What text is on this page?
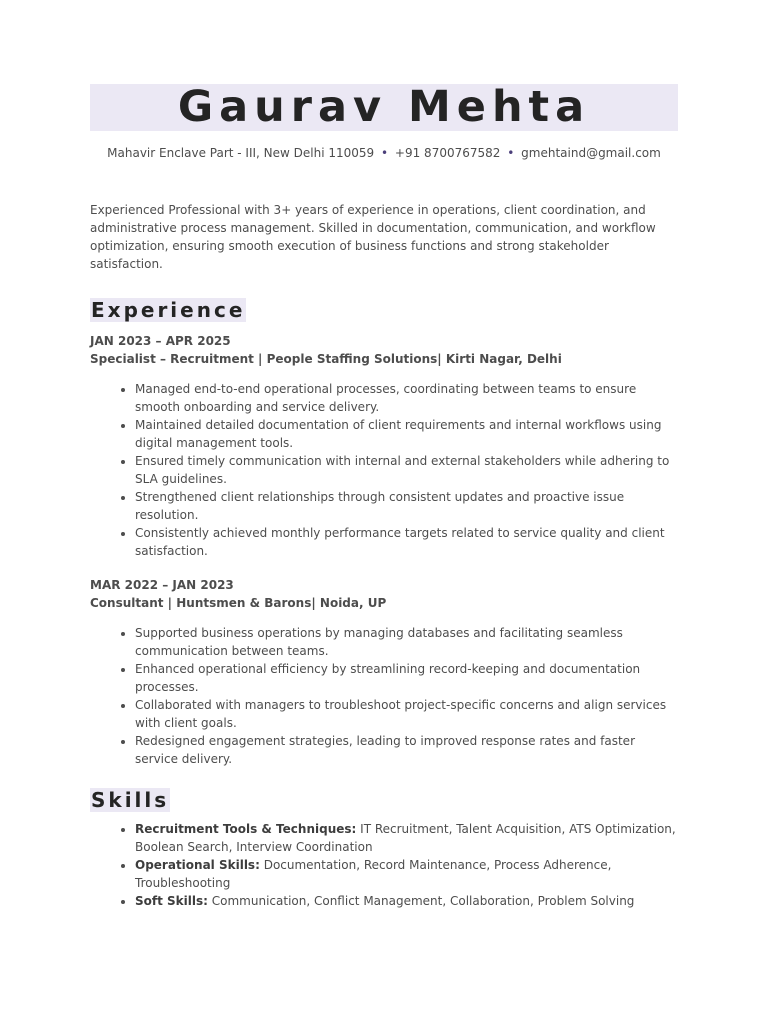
Gaurav Mehta
Mahavir Enclave Part - III, New Delhi 110059 • +91 8700767582 • gmehtaind@gmail.com
Experienced Professional with 3+ years of experience in operations, client coordination, and administrative process management. Skilled in documentation, communication, and workflow optimization, ensuring smooth execution of business functions and strong stakeholder satisfaction.
Experience
JAN 2023 – APR 2025
Specialist – Recruitment | People Staffing Solutions| Kirti Nagar, Delhi
• Managed end-to-end operational processes, coordinating between teams to ensure smooth onboarding and service delivery.
• Maintained detailed documentation of client requirements and internal workflows using digital management tools.
• Ensured timely communication with internal and external stakeholders while adhering to SLA guidelines.
• Strengthened client relationships through consistent updates and proactive issue resolution.
• Consistently achieved monthly performance targets related to service quality and client satisfaction.
MAR 2022 – JAN 2023
Consultant | Huntsmen & Barons| Noida, UP
• Supported business operations by managing databases and facilitating seamless communication between teams.
• Enhanced operational efficiency by streamlining record-keeping and documentation processes.
• Collaborated with managers to troubleshoot project-specific concerns and align services with client goals.
• Redesigned engagement strategies, leading to improved response rates and faster service delivery.
Skills
• Recruitment Tools & Techniques: IT Recruitment, Talent Acquisition, ATS Optimization, Boolean Search, Interview Coordination
• Operational Skills: Documentation, Record Maintenance, Process Adherence, Troubleshooting
• Soft Skills: Communication, Conflict Management, Collaboration, Problem Solving
